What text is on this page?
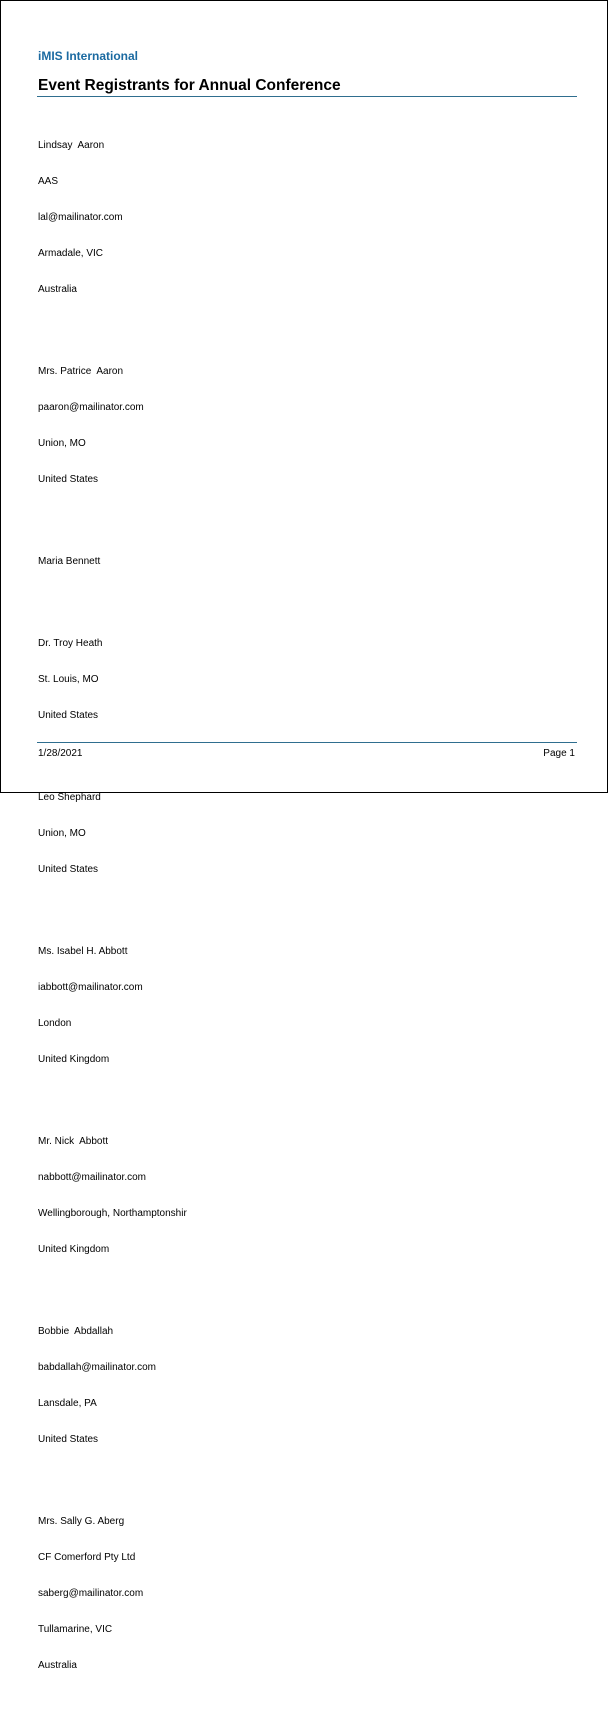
iMIS International
Event Registrants for Annual Conference

Lindsay  Aaron

AAS

lal@mailinator.com

Armadale, VIC

Australia

Mrs. Patrice  Aaron

paaron@mailinator.com

Union, MO

United States

Maria Bennett

Dr. Troy Heath

St. Louis, MO

United States

Leo Shephard

Union, MO

United States

Ms. Isabel H. Abbott

iabbott@mailinator.com

London

United Kingdom

Mr. Nick  Abbott

nabbott@mailinator.com

Wellingborough, Northamptonshir

United Kingdom

Bobbie  Abdallah

babdallah@mailinator.com

Lansdale, PA

United States

Mrs. Sally G. Aberg

CF Comerford Pty Ltd

saberg@mailinator.com

Tullamarine, VIC

Australia

1/28/2021	Page 1
